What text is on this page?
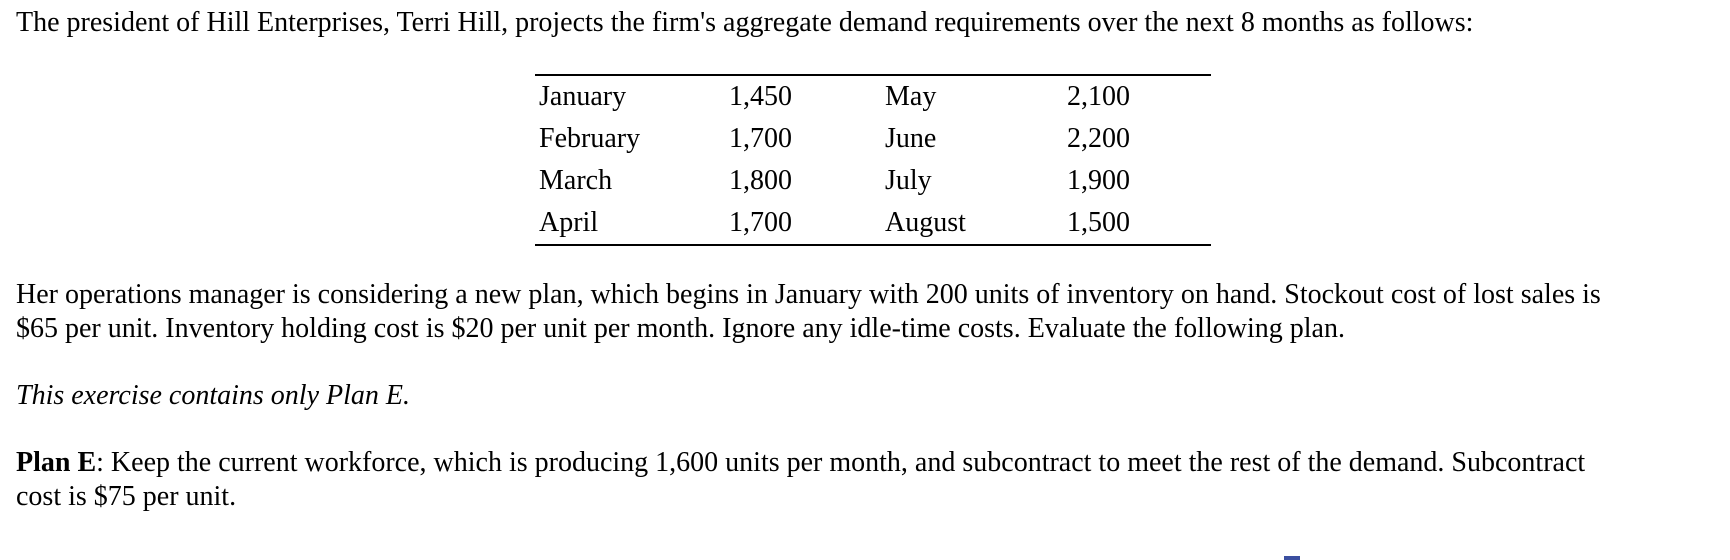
The president of Hill Enterprises, Terri Hill, projects the firm's aggregate demand requirements over the next 8 months as follows:

January	1,450	May	2,100
February	1,700	June	2,200
March	1,800	July	1,900
April	1,700	August	1,500

Her operations manager is considering a new plan, which begins in January with 200 units of inventory on hand. Stockout cost of lost sales is
$65 per unit. Inventory holding cost is $20 per unit per month. Ignore any idle-time costs. Evaluate the following plan.

This exercise contains only Plan E.

Plan E: Keep the current workforce, which is producing 1,600 units per month, and subcontract to meet the rest of the demand. Subcontract
cost is $75 per unit.
